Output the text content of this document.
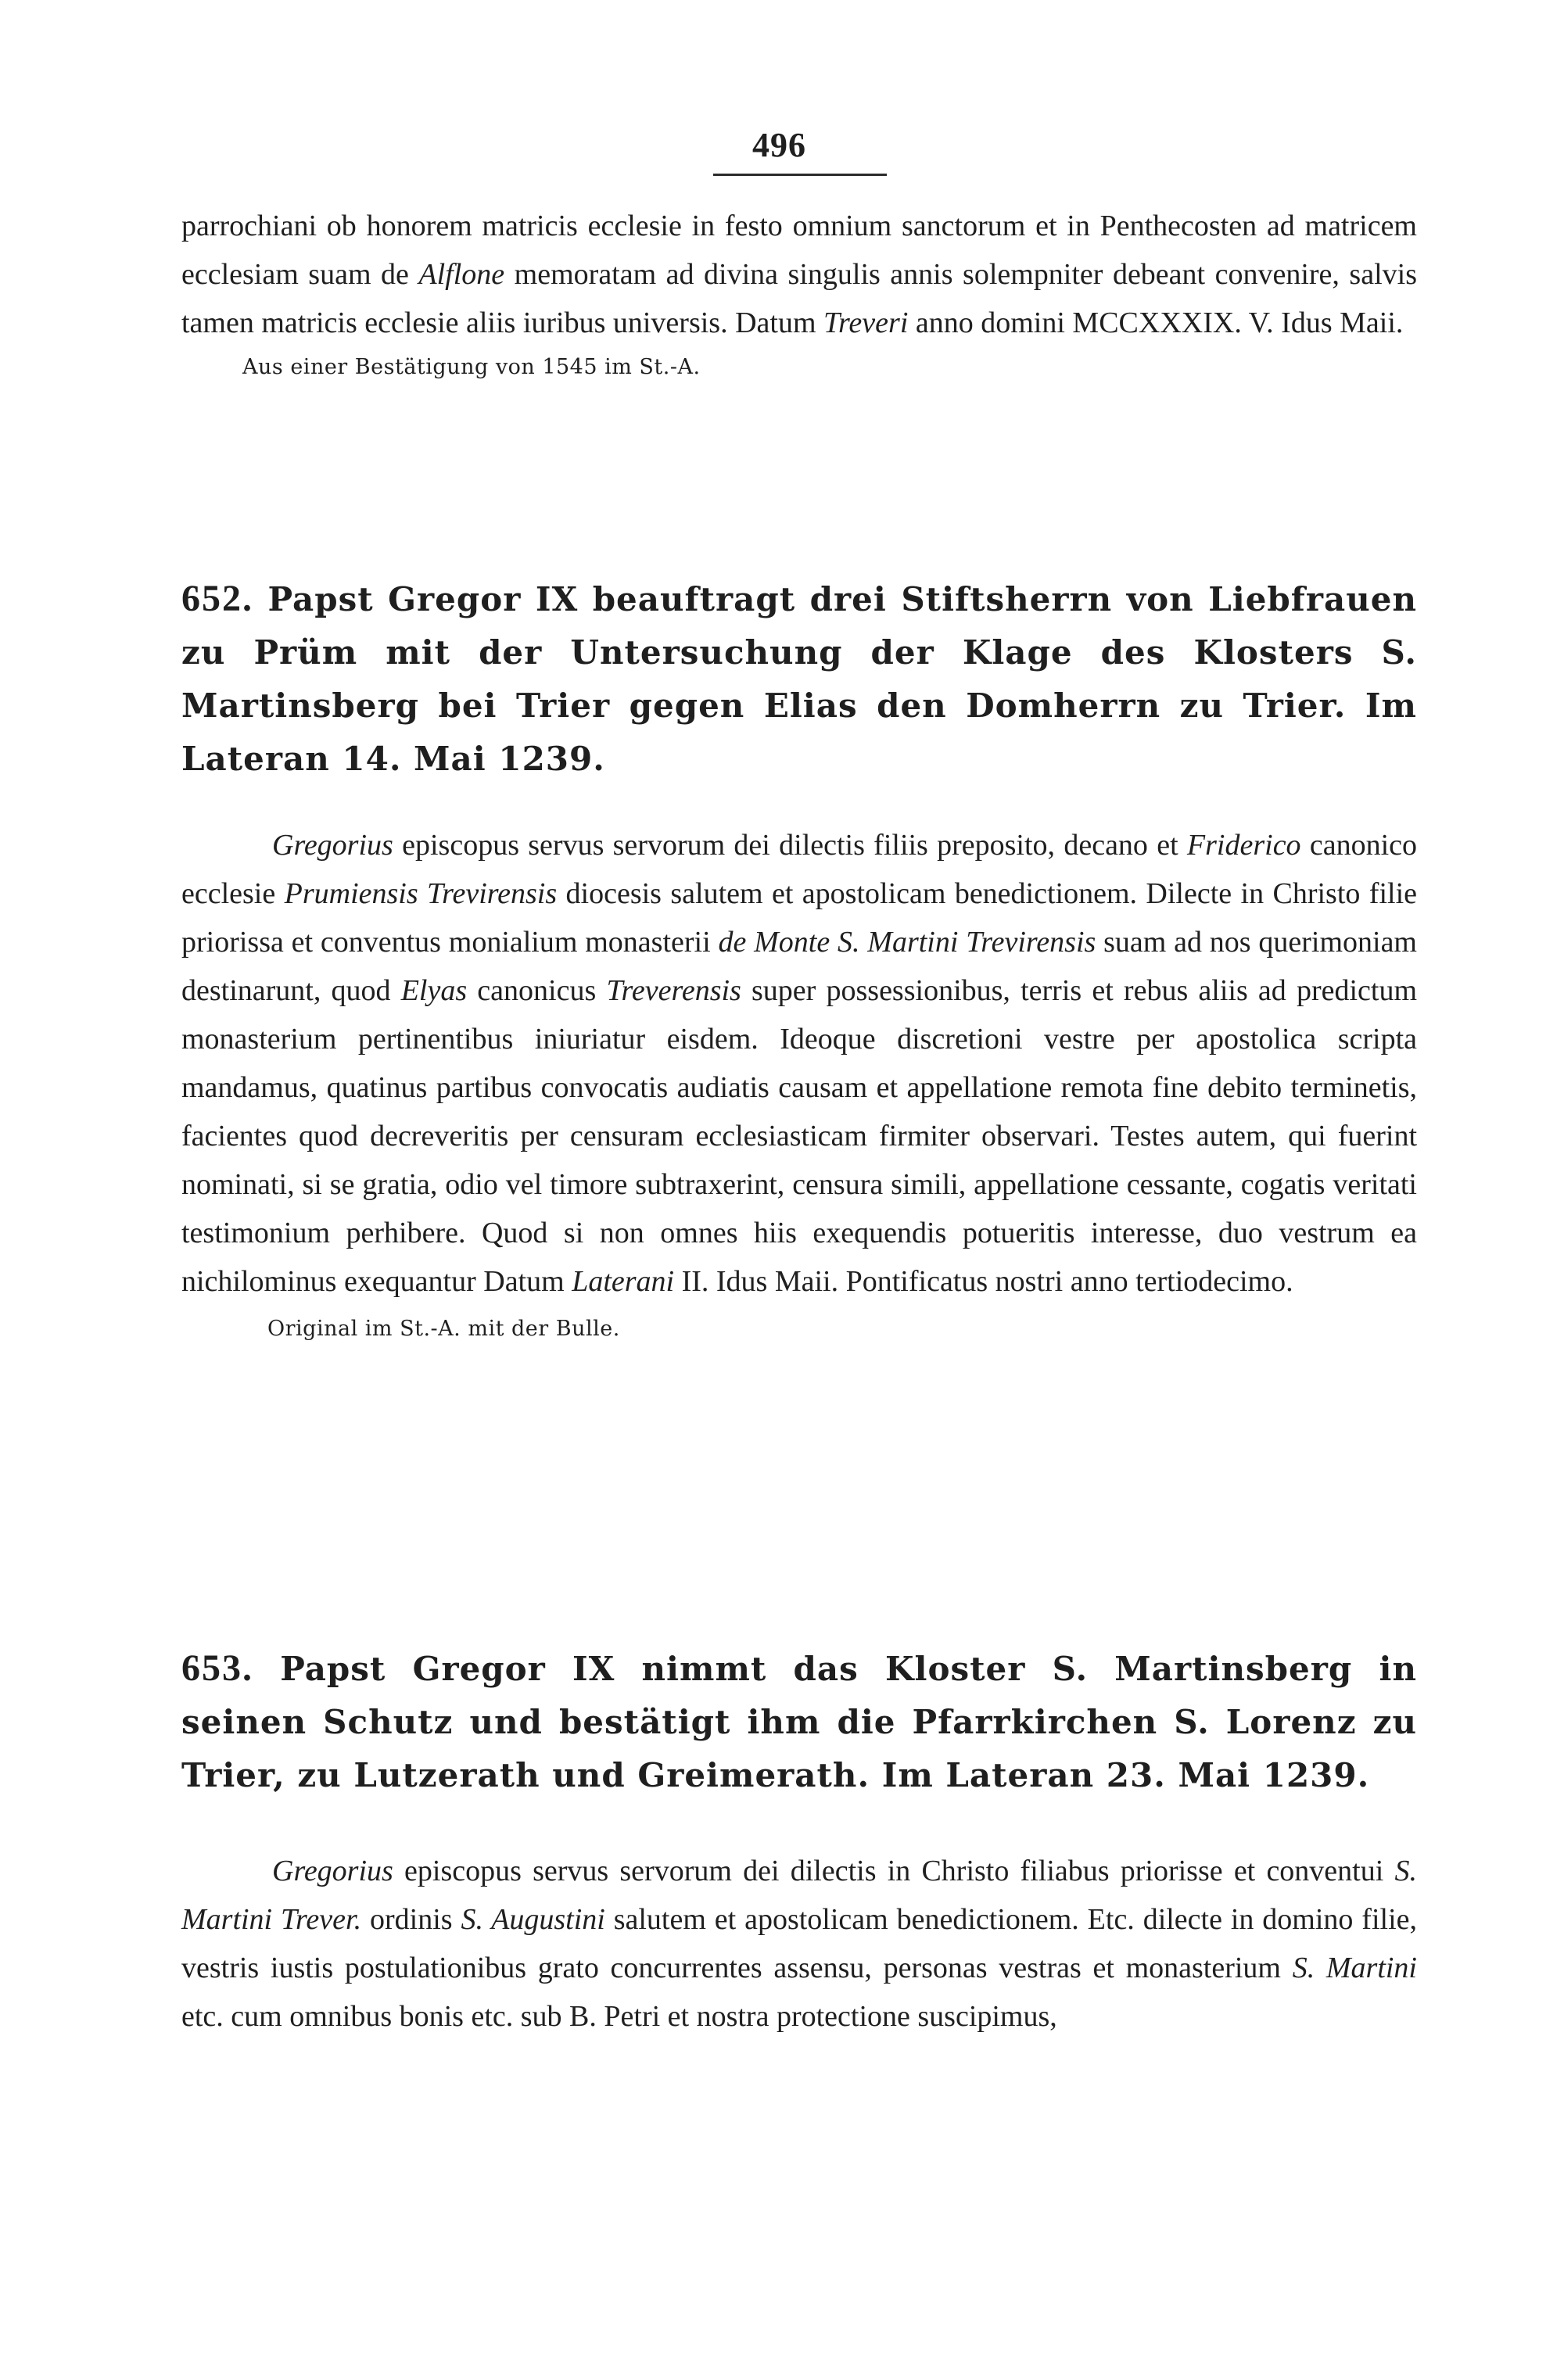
496

parrochiani ob honorem matricis ecclesie in festo omnium sanctorum et in Penthecosten ad matricem ecclesiam suam de Alflone memoratam ad divina singulis annis solempniter debeant convenire, salvis tamen matricis ecclesie aliis iuribus universis. Datum Treveri anno domini MCCXXXIX. V. Idus Maii.

Aus einer Bestätigung von 1545 im St.-A.

652. Papst Gregor IX beauftragt drei Stiftsherrn von Liebfrauen zu Prüm mit der Untersuchung der Klage des Klosters S. Martinsberg bei Trier gegen Elias den Domherrn zu Trier. Im Lateran 14. Mai 1239.

Gregorius episcopus servus servorum dei dilectis filiis preposito, decano et Friderico canonico ecclesie Prumiensis Trevirensis diocesis salutem et apostolicam benedictionem. Dilecte in Christo filie priorissa et conventus monialium monasterii de Monte S. Martini Trevirensis suam ad nos querimoniam destinarunt, quod Elyas canonicus Treverensis super possessionibus, terris et rebus aliis ad predictum monasterium pertinentibus iniuriatur eisdem. Ideoque discretioni vestre per apostolica scripta mandamus, quatinus partibus convocatis audiatis causam et appellatione remota fine debito terminetis, facientes quod decreveritis per censuram ecclesiasticam firmiter observari. Testes autem, qui fuerint nominati, si se gratia, odio vel timore subtraxerint, censura simili, appellatione cessante, cogatis veritati testimonium perhibere. Quod si non omnes hiis exequendis potueritis interesse, duo vestrum ea nichilominus exequantur Datum Laterani II. Idus Maii. Pontificatus nostri anno tertiodecimo.

Original im St.-A. mit der Bulle.

653. Papst Gregor IX nimmt das Kloster S. Martinsberg in seinen Schutz und bestätigt ihm die Pfarrkirchen S. Lorenz zu Trier, zu Lutzerath und Greimerath. Im Lateran 23. Mai 1239.

Gregorius episcopus servus servorum dei dilectis in Christo filiabus priorisse et conventui S. Martini Trever. ordinis S. Augustini salutem et apostolicam benedictionem. Etc. dilecte in domino filie, vestris iustis postulationibus grato concurrentes assensu, personas vestras et monasterium S. Martini etc. cum omnibus bonis etc. sub B. Petri et nostra protectione suscipimus,
